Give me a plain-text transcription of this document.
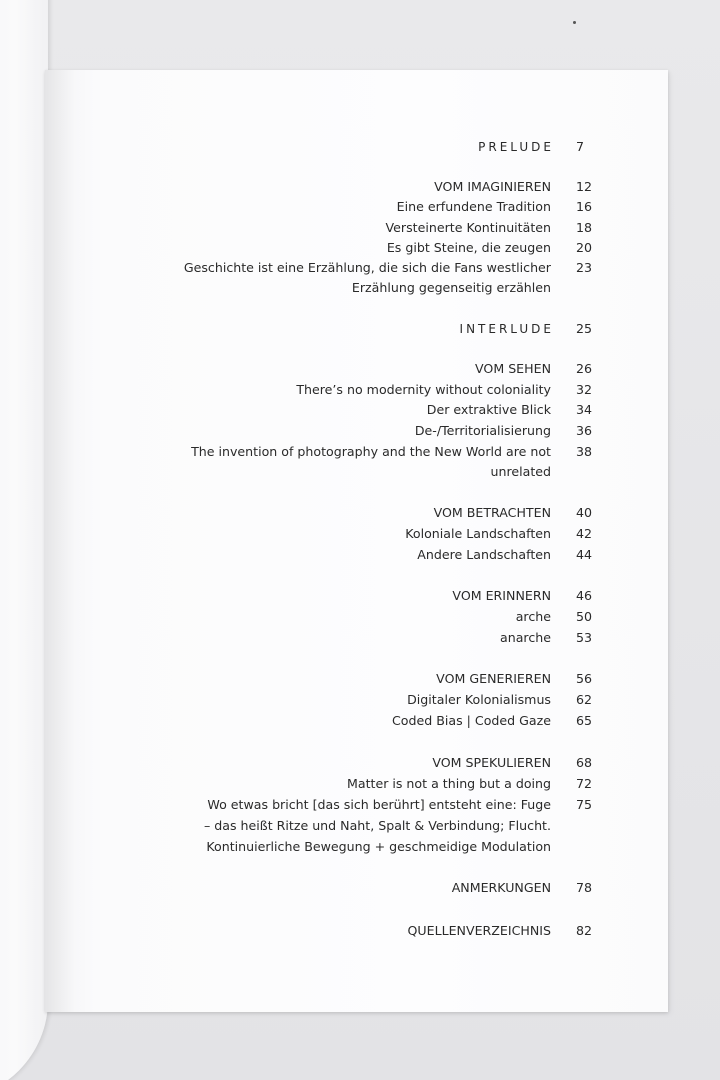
PRELUDE 7
VOM IMAGINIEREN 12
Eine erfundene Tradition 16
Versteinerte Kontinuitäten 18
Es gibt Steine, die zeugen 20
Geschichte ist eine Erzählung, die sich die Fans westlicher 23
Erzählung gegenseitig erzählen
INTERLUDE 25
VOM SEHEN 26
There’s no modernity without coloniality 32
Der extraktive Blick 34
De-/Territorialisierung 36
The invention of photography and the New World are not 38
unrelated
VOM BETRACHTEN 40
Koloniale Landschaften 42
Andere Landschaften 44
VOM ERINNERN 46
arche 50
anarche 53
VOM GENERIEREN 56
Digitaler Kolonialismus 62
Coded Bias | Coded Gaze 65
VOM SPEKULIEREN 68
Matter is not a thing but a doing 72
Wo etwas bricht [das sich berührt] entsteht eine: Fuge 75
– das heißt Ritze und Naht, Spalt & Verbindung; Flucht.
Kontinuierliche Bewegung + geschmeidige Modulation
ANMERKUNGEN 78
QUELLENVERZEICHNIS 82
